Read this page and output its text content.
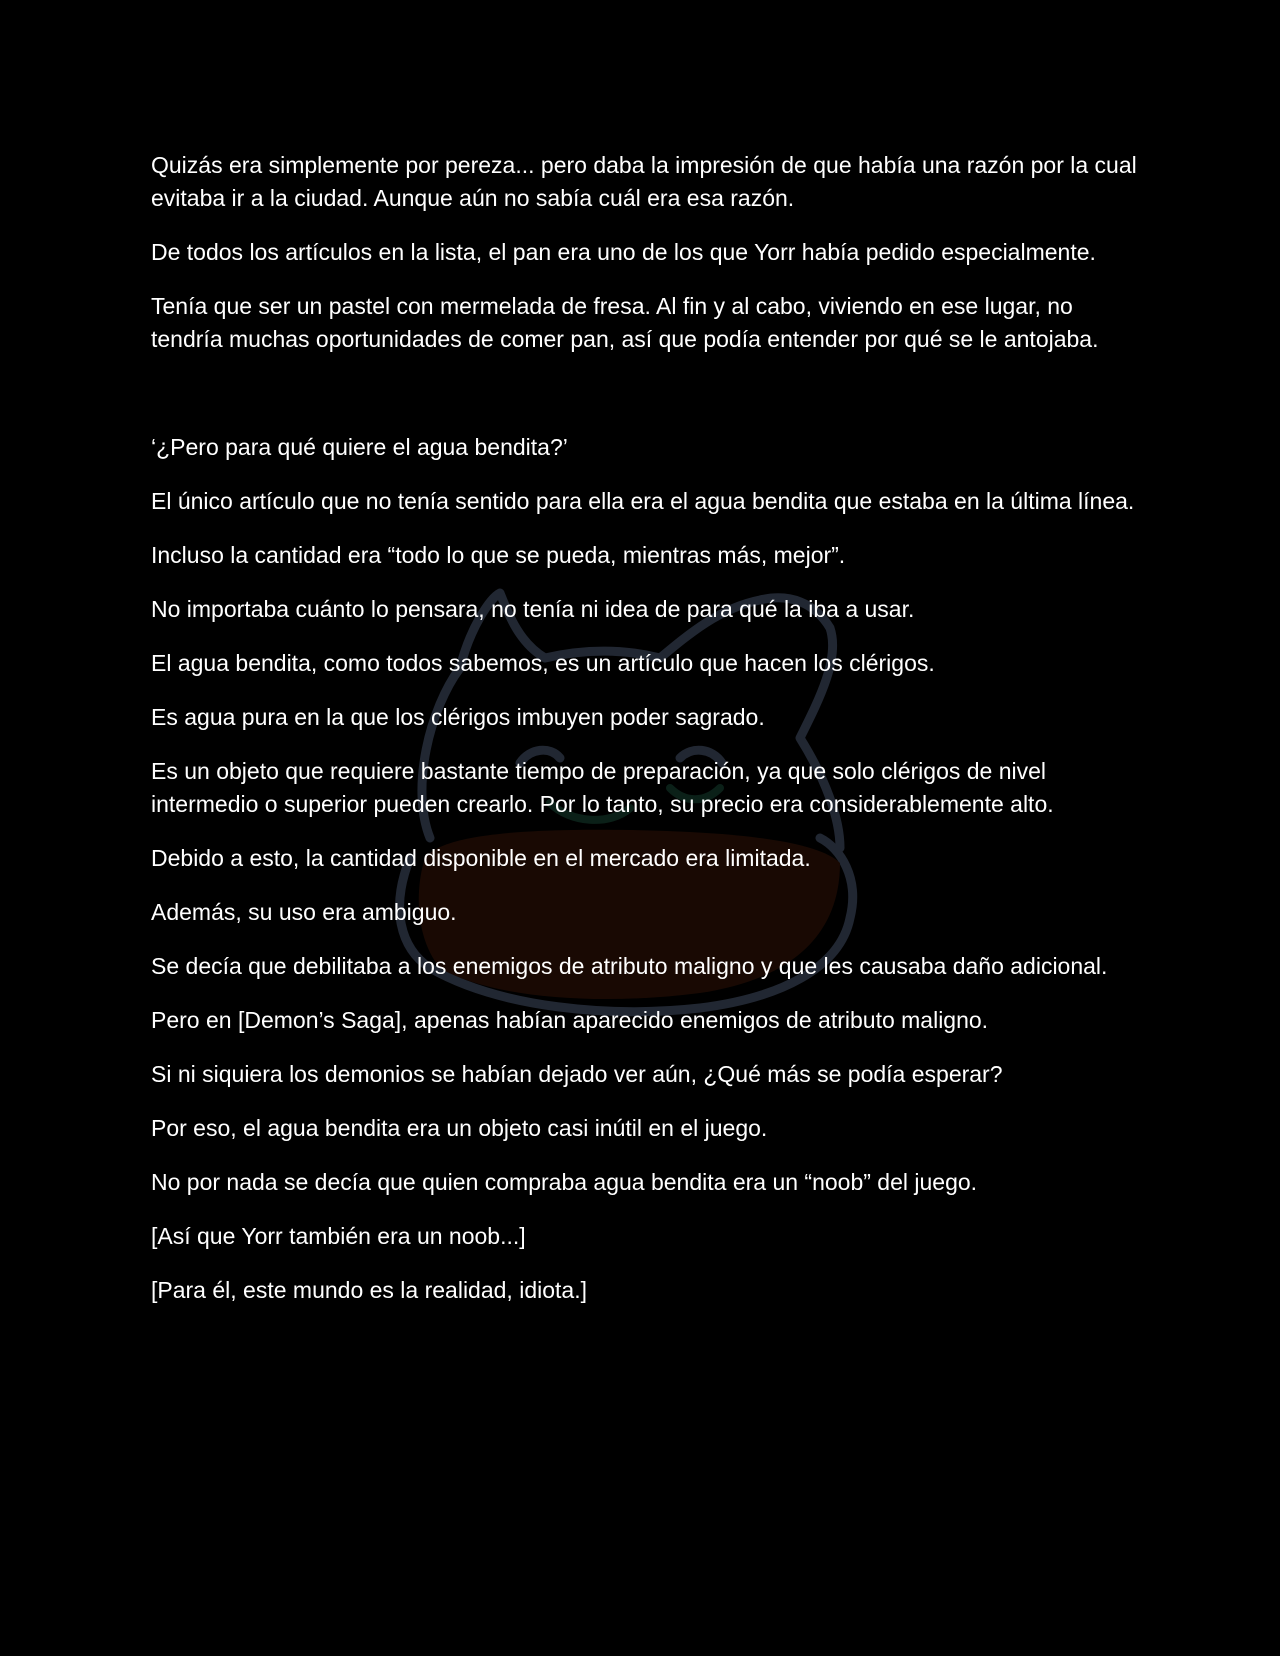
Quizás era simplemente por pereza... pero daba la impresión de que había una razón por la cual evitaba ir a la ciudad. Aunque aún no sabía cuál era esa razón.

De todos los artículos en la lista, el pan era uno de los que Yorr había pedido especialmente.

Tenía que ser un pastel con mermelada de fresa. Al fin y al cabo, viviendo en ese lugar, no tendría muchas oportunidades de comer pan, así que podía entender por qué se le antojaba.

‘¿Pero para qué quiere el agua bendita?’

El único artículo que no tenía sentido para ella era el agua bendita que estaba en la última línea.

Incluso la cantidad era “todo lo que se pueda, mientras más, mejor”.

No importaba cuánto lo pensara, no tenía ni idea de para qué la iba a usar.

El agua bendita, como todos sabemos, es un artículo que hacen los clérigos.

Es agua pura en la que los clérigos imbuyen poder sagrado.

Es un objeto que requiere bastante tiempo de preparación, ya que solo clérigos de nivel intermedio o superior pueden crearlo. Por lo tanto, su precio era considerablemente alto.

Debido a esto, la cantidad disponible en el mercado era limitada.

Además, su uso era ambiguo.

Se decía que debilitaba a los enemigos de atributo maligno y que les causaba daño adicional.

Pero en [Demon’s Saga], apenas habían aparecido enemigos de atributo maligno.

Si ni siquiera los demonios se habían dejado ver aún, ¿Qué más se podía esperar?

Por eso, el agua bendita era un objeto casi inútil en el juego.

No por nada se decía que quien compraba agua bendita era un “noob” del juego.

[Así que Yorr también era un noob...]

[Para él, este mundo es la realidad, idiota.]
